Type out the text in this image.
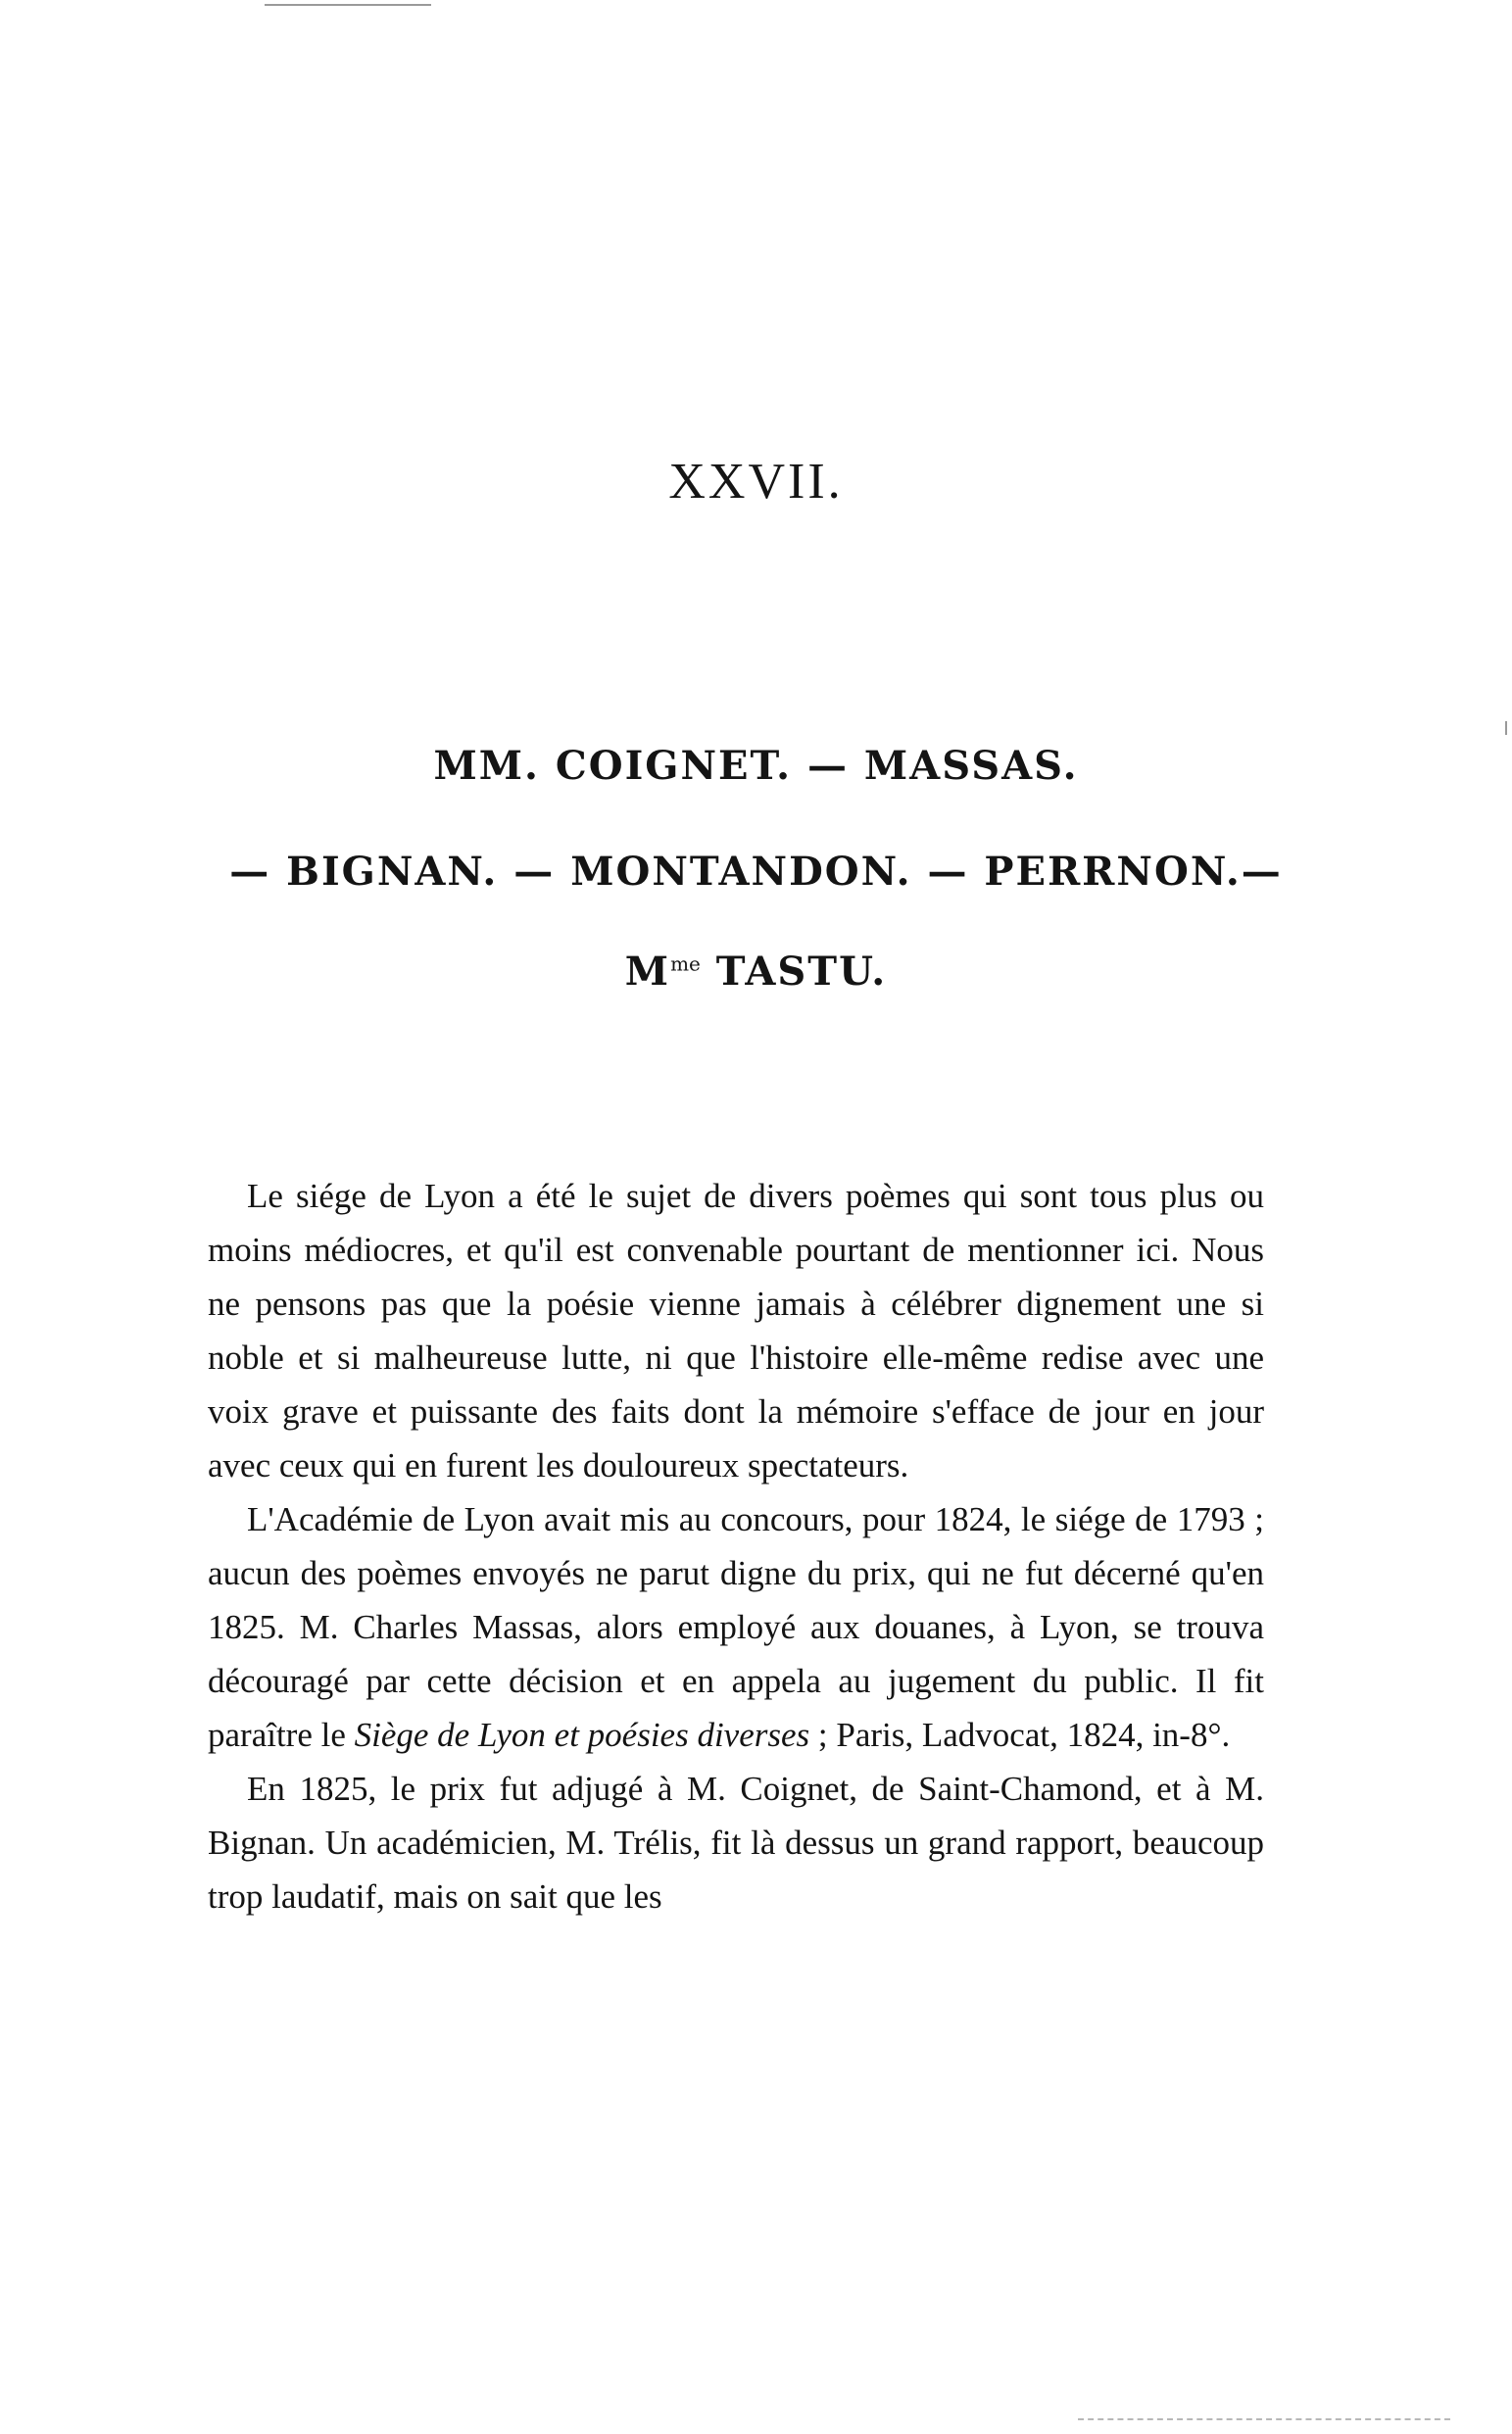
XXVII.
MM. COIGNET. — MASSAS.
— BIGNAN. — MONTANDON. — PERRNON.—
$M^{me}$ TASTU.

Le siége de Lyon a été le sujet de divers poèmes qui sont tous plus ou moins médiocres, et qu'il est convenable pourtant de mentionner ici. Nous ne pensons pas que la poésie vienne jamais à célébrer dignement une si noble et si malheureuse lutte, ni que l'histoire elle-même redise avec une voix grave et puissante des faits dont la mémoire s'efface de jour en jour avec ceux qui en furent les douloureux spectateurs.

L'Académie de Lyon avait mis au concours, pour 1824, le siége de 1793 ; aucun des poèmes envoyés ne parut digne du prix, qui ne fut décerné qu'en 1825. M. Charles Massas, alors employé aux douanes, à Lyon, se trouva découragé par cette décision et en appela au jugement du public. Il fit paraître le Siège de Lyon et poésies diverses ; Paris, Ladvocat, 1824, in-8°.

En 1825, le prix fut adjugé à M. Coignet, de Saint-Chamond, et à M. Bignan. Un académicien, M. Trélis, fit là dessus un grand rapport, beaucoup trop laudatif, mais on sait que les
